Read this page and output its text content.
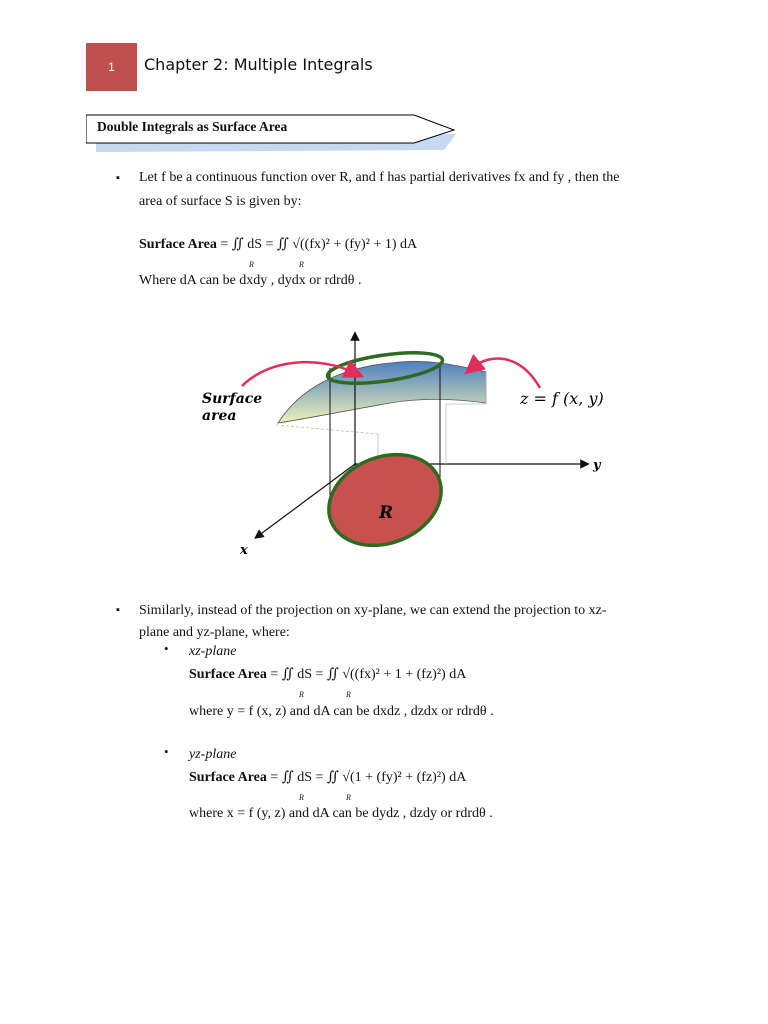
1 Chapter 2: Multiple Integrals
Double Integrals as Surface Area
▪ Let f be a continuous function over R, and f has partial derivatives fx and fy , then the
area of surface S is given by:
Surface Area = ∬ dS = ∬ √((fx)² + (fy)² + 1) dA
R	R
Where dA can be dxdy , dydx or rdrdθ .
Surface
area
z = f (x, y)
y
x
R
▪ Similarly, instead of the projection on xy-plane, we can extend the projection to xz-
plane and yz-plane, where:
• xz-plane
Surface Area = ∬ dS = ∬ √((fx)² + 1 + (fz)²) dA
R	R
where y = f (x, z) and dA can be dxdz , dzdx or rdrdθ .
• yz-plane
Surface Area = ∬ dS = ∬ √(1 + (fy)² + (fz)²) dA
R	R
where x = f (y, z) and dA can be dydz , dzdy or rdrdθ .
